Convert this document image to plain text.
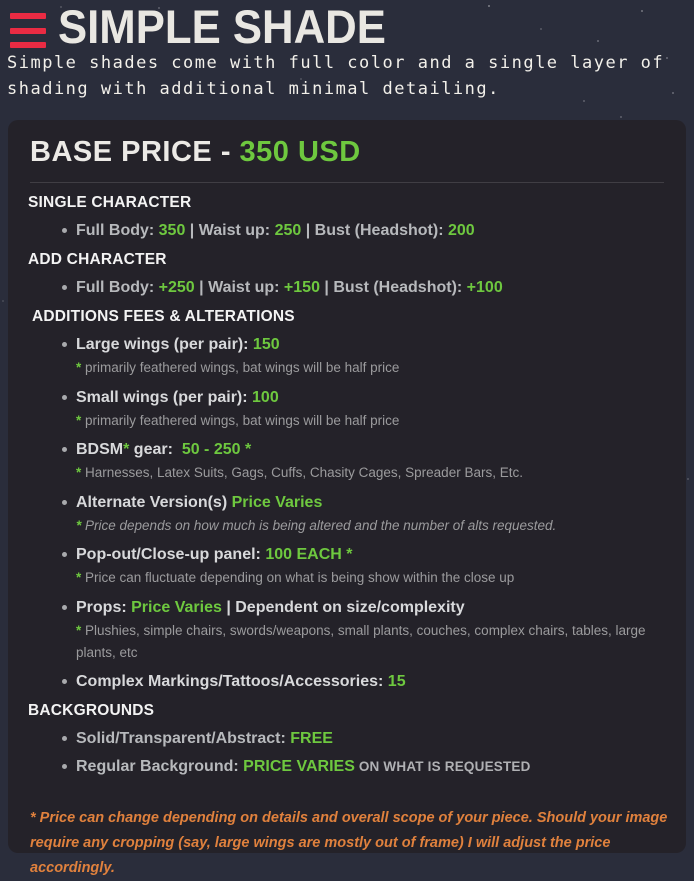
SIMPLE SHADE
Simple shades come with full color and a single layer of shading with additional minimal detailing.
BASE PRICE - 350 USD
SINGLE CHARACTER
Full Body: 350 | Waist up: 250 | Bust (Headshot): 200
ADD CHARACTER
Full Body: +250 | Waist up: +150 | Bust (Headshot): +100
ADDITIONS FEES & ALTERATIONS
Large wings (per pair): 150
* primarily feathered wings, bat wings will be half price
Small wings (per pair): 100
* primarily feathered wings, bat wings will be half price
BDSM* gear:  50 - 250 *
* Harnesses, Latex Suits, Gags, Cuffs, Chasity Cages, Spreader Bars, Etc.
Alternate Version(s) Price Varies
* Price depends on how much is being altered and the number of alts requested.
Pop-out/Close-up panel: 100 EACH *
* Price can fluctuate depending on what is being show within the close up
Props: Price Varies | Dependent on size/complexity
* Plushies, simple chairs, swords/weapons, small plants, couches, complex chairs, tables, large plants, etc
Complex Markings/Tattoos/Accessories: 15
BACKGROUNDS
Solid/Transparent/Abstract: FREE
Regular Background: PRICE VARIES ON WHAT IS REQUESTED
* Price can change depending on details and overall scope of your piece. Should your image require any cropping (say, large wings are mostly out of frame) I will adjust the price accordingly.
